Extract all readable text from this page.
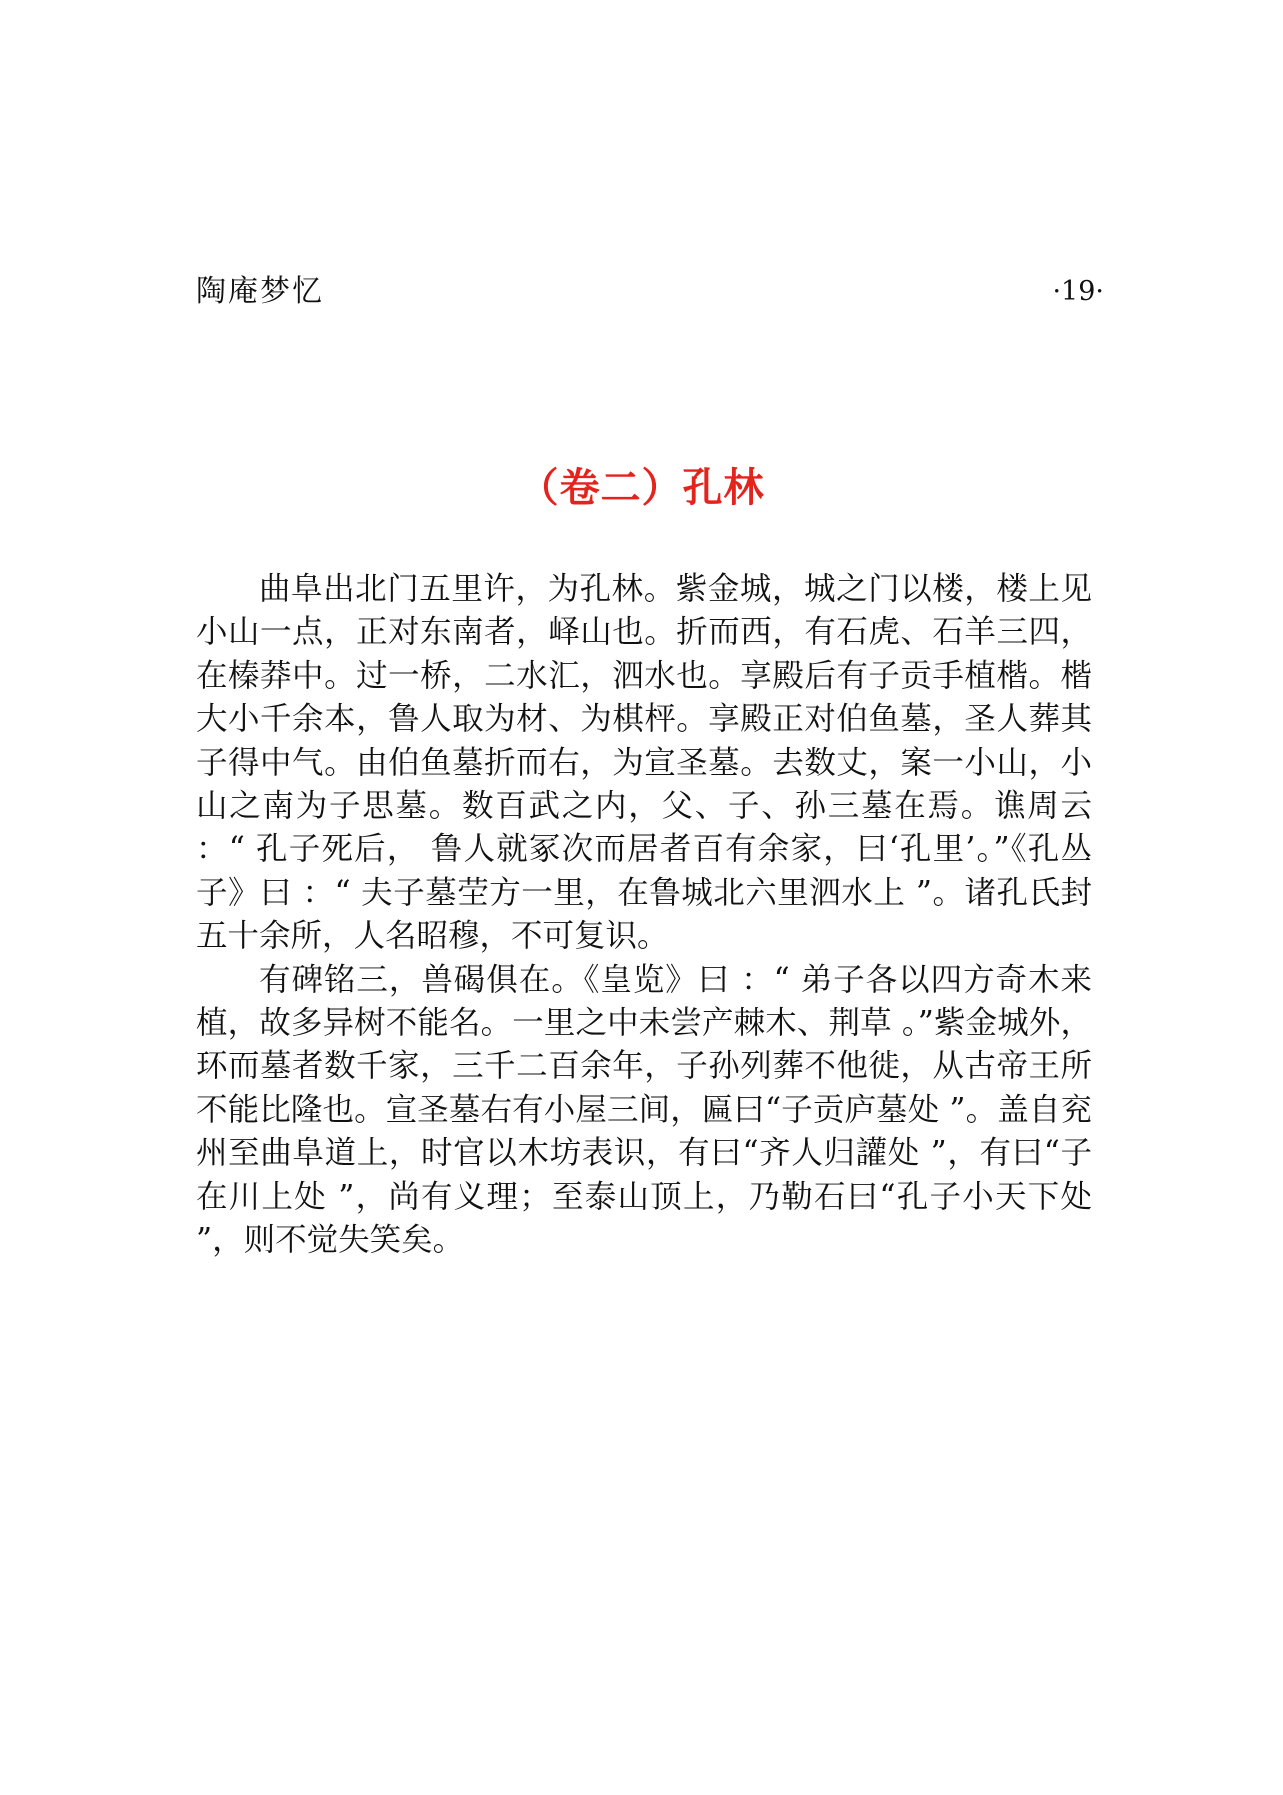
陶庵梦忆	·19·
（卷二）孔林

曲阜出北门五里许，为孔林。紫金城，城之门以楼，楼上见小山一点，正对东南者，峄山也。折而西，有石虎、石羊三四，在榛莽中。过一桥，二水汇，泗水也。享殿后有子贡手植楷。楷大小千余本，鲁人取为材、为棋枰。享殿正对伯鱼墓，圣人葬其子得中气。由伯鱼墓折而右，为宣圣墓。去数丈，案一小山，小山之南为子思墓。数百武之内，父、子、孙三墓在焉。谯周云 ：“ 孔子死后， 鲁人就冢次而居者百有余家，曰‘孔里’。”《孔丛子》曰 ：“ 夫子墓茔方一里，在鲁城北六里泗水上 ”。诸孔氏封五十余所，人名昭穆，不可复识。

有碑铭三，兽碣俱在。《皇览》曰 ：“ 弟子各以四方奇木来植，故多异树不能名。一里之中未尝产棘木、荆草 。”紫金城外，环而墓者数千家，三千二百余年，子孙列葬不他徙，从古帝王所不能比隆也。宣圣墓右有小屋三间，匾曰“子贡庐墓处 ”。盖自兖州至曲阜道上，时官以木坊表识，有曰“齐人归讙处 ”，有曰“子在川上处 ”，尚有义理；至泰山顶上，乃勒石曰“孔子小天下处 ”，则不觉失笑矣。
